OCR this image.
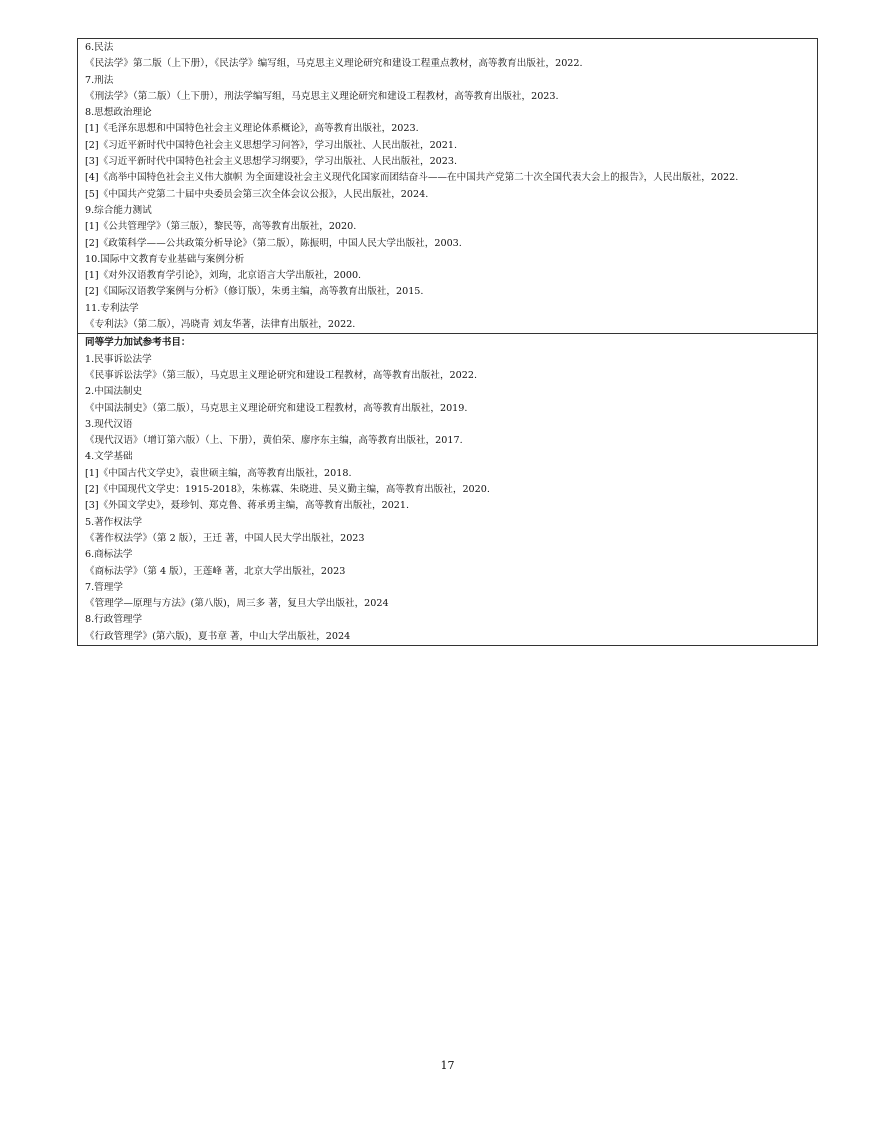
6.民法
《民法学》第二版（上下册），《民法学》编写组，马克思主义理论研究和建设工程重点教材，高等教育出版社，2022.
7.刑法
《刑法学》（第二版）（上下册），刑法学编写组，马克思主义理论研究和建设工程教材，高等教育出版社，2023.
8.思想政治理论
[1]《毛泽东思想和中国特色社会主义理论体系概论》，高等教育出版社，2023.
[2]《习近平新时代中国特色社会主义思想学习问答》，学习出版社、人民出版社，2021.
[3]《习近平新时代中国特色社会主义思想学习纲要》，学习出版社、人民出版社，2023.
[4]《高举中国特色社会主义伟大旗帜 为全面建设社会主义现代化国家而团结奋斗——在中国共产党第二十次全国代表大会上的报告》，人民出版社，2022.
[5]《中国共产党第二十届中央委员会第三次全体会议公报》，人民出版社，2024.
9.综合能力测试
[1]《公共管理学》（第三版），黎民等，高等教育出版社，2020.
[2]《政策科学——公共政策分析导论》（第二版），陈振明，中国人民大学出版社，2003.
10.国际中文教育专业基础与案例分析
[1]《对外汉语教育学引论》，刘珣，北京语言大学出版社，2000.
[2]《国际汉语教学案例与分析》（修订版），朱勇主编，高等教育出版社，2015.
11.专利法学
《专利法》（第二版），冯晓青 刘友华著，法律育出版社，2022.
同等学力加试参考书目：
1.民事诉讼法学
《民事诉讼法学》（第三版），马克思主义理论研究和建设工程教材，高等教育出版社，2022.
2.中国法制史
《中国法制史》（第二版），马克思主义理论研究和建设工程教材，高等教育出版社，2019.
3.现代汉语
《现代汉语》（增订第六版）（上、下册），黄伯荣、廖序东主编，高等教育出版社，2017.
4.文学基础
[1]《中国古代文学史》，袁世硕主编，高等教育出版社，2018.
[2]《中国现代文学史：1915-2018》，朱栋霖、朱晓进、吴义勤主编，高等教育出版社，2020.
[3]《外国文学史》，聂珍钊、郑克鲁、蒋承勇主编，高等教育出版社，2021.
5.著作权法学
《著作权法学》（第 2 版），王迁 著，中国人民大学出版社，2023
6.商标法学
《商标法学》（第 4 版），王莲峰 著，北京大学出版社，2023
7.管理学
《管理学—原理与方法》(第八版)，周三多 著，复旦大学出版社，2024
8.行政管理学
《行政管理学》(第六版)，夏书章 著，中山大学出版社，2024
17
